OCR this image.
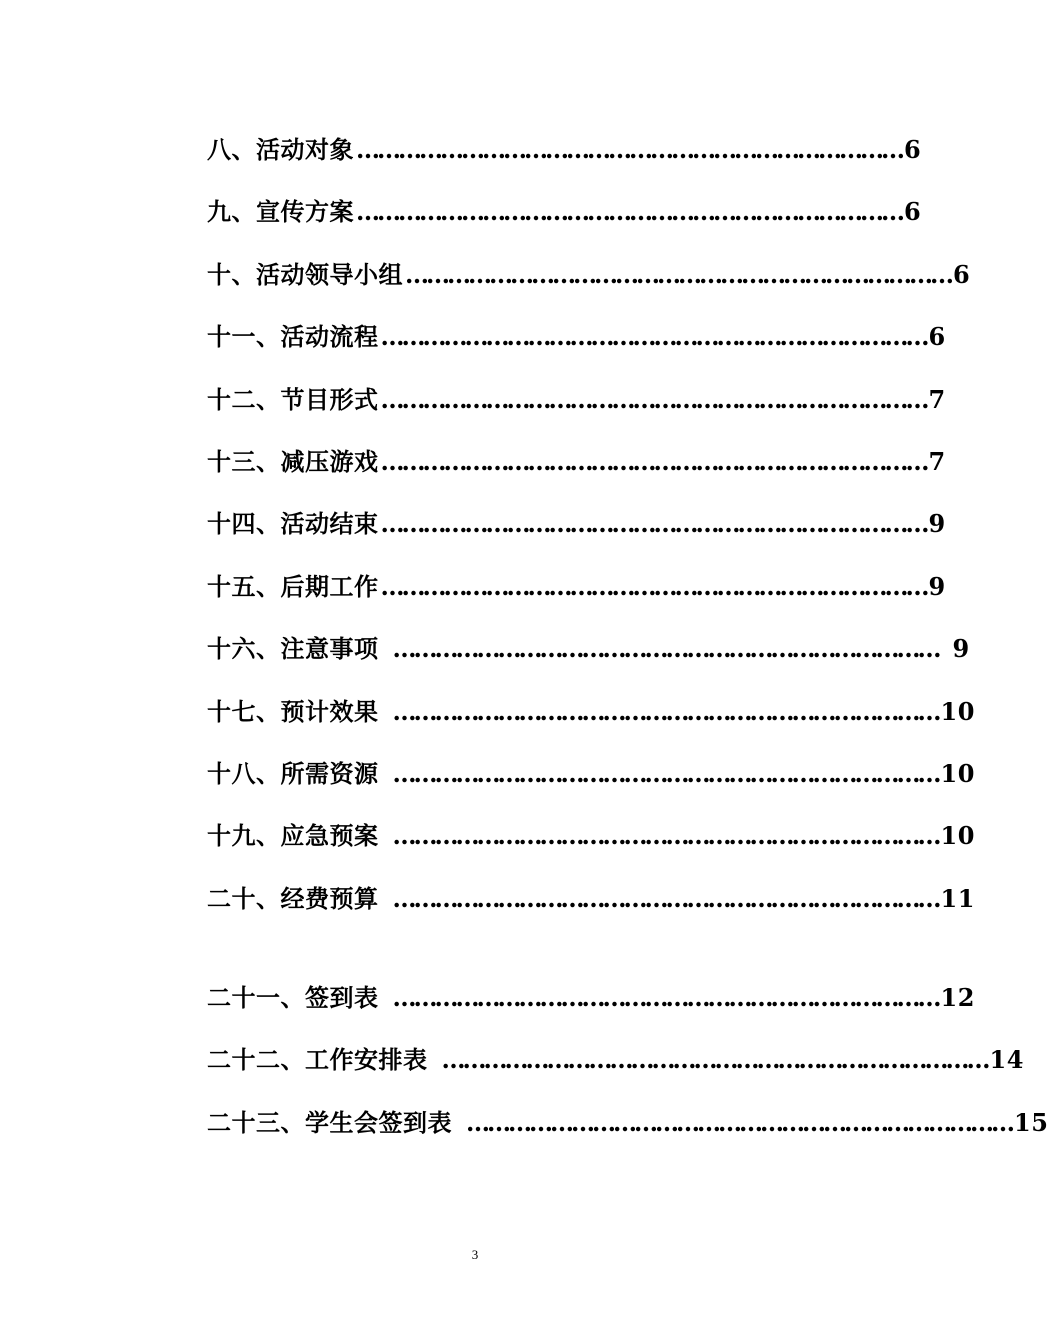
八、活动对象 …………………………………………………………………… 6
九、宣传方案 …………………………………………………………………… 6
十、活动领导小组 …………………………………………………………………… 6
十一、活动流程 …………………………………………………………………… 6
十二、节目形式 …………………………………………………………………… 7
十三、减压游戏 …………………………………………………………………… 7
十四、活动结束 …………………………………………………………………… 9
十五、后期工作 …………………………………………………………………… 9
十六、注意事项 …………………………………………………………………… 9
十七、预计效果 …………………………………………………………………… 10
十八、所需资源 …………………………………………………………………… 10
十九、应急预案 …………………………………………………………………… 10
二十、经费预算 …………………………………………………………………… 11
二十一、签到表 …………………………………………………………………… 12
二十二、工作安排表 …………………………………………………………………… 14
二十三、学生会签到表 …………………………………………………………………… 15
3
